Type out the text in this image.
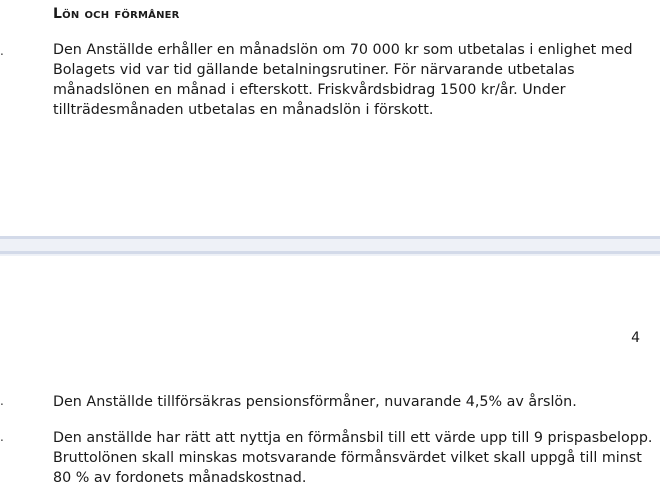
.
Lön och förmåner

Den Anställde erhåller en månadslön om 70 000 kr som utbetalas i enlighet med
Bolagets vid var tid gällande betalningsrutiner. För närvarande utbetalas
månadslönen en månad i efterskott. Friskvårdsbidrag 1500 kr/år. Under
tillträdesmånaden utbetalas en månadslön i förskott.

4

.	Den Anställde tillförsäkras pensionsförmåner, nuvarande 4,5% av årslön.

.	Den anställde har rätt att nyttja en förmånsbil till ett värde upp till 9 prispasbelopp.
Bruttolönen skall minskas motsvarande förmånsvärdet vilket skall uppgå till minst
80 % av fordonets månadskostnad.
